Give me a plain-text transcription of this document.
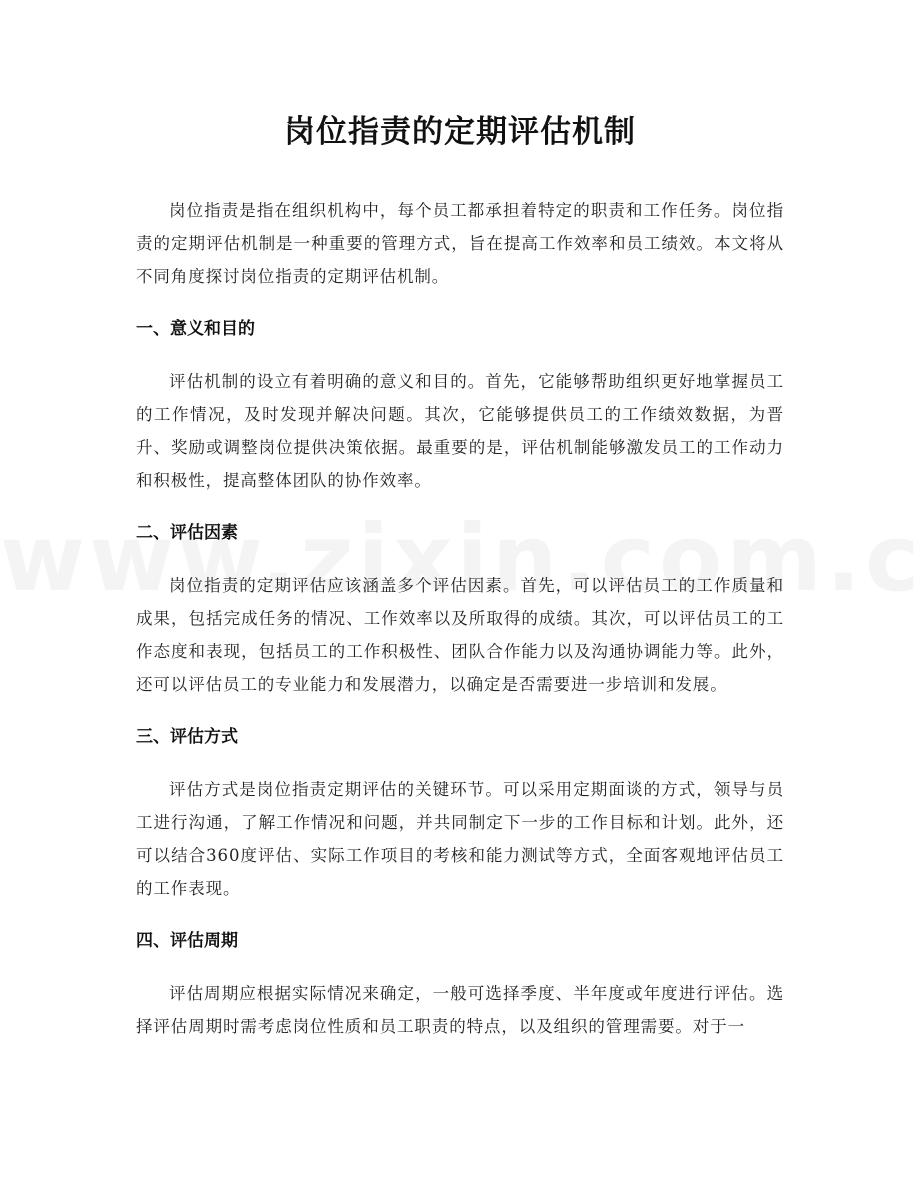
岗位指责的定期评估机制

岗位指责是指在组织机构中，每个员工都承担着特定的职责和工作任务。岗位指责的定期评估机制是一种重要的管理方式，旨在提高工作效率和员工绩效。本文将从不同角度探讨岗位指责的定期评估机制。

一、意义和目的

评估机制的设立有着明确的意义和目的。首先，它能够帮助组织更好地掌握员工的工作情况，及时发现并解决问题。其次，它能够提供员工的工作绩效数据，为晋升、奖励或调整岗位提供决策依据。最重要的是，评估机制能够激发员工的工作动力和积极性，提高整体团队的协作效率。

二、评估因素

岗位指责的定期评估应该涵盖多个评估因素。首先，可以评估员工的工作质量和成果，包括完成任务的情况、工作效率以及所取得的成绩。其次，可以评估员工的工作态度和表现，包括员工的工作积极性、团队合作能力以及沟通协调能力等。此外，还可以评估员工的专业能力和发展潜力，以确定是否需要进一步培训和发展。

三、评估方式

评估方式是岗位指责定期评估的关键环节。可以采用定期面谈的方式，领导与员工进行沟通，了解工作情况和问题，并共同制定下一步的工作目标和计划。此外，还可以结合360度评估、实际工作项目的考核和能力测试等方式，全面客观地评估员工的工作表现。

四、评估周期

评估周期应根据实际情况来确定，一般可选择季度、半年度或年度进行评估。选择评估周期时需考虑岗位性质和员工职责的特点，以及组织的管理需要。对于一
